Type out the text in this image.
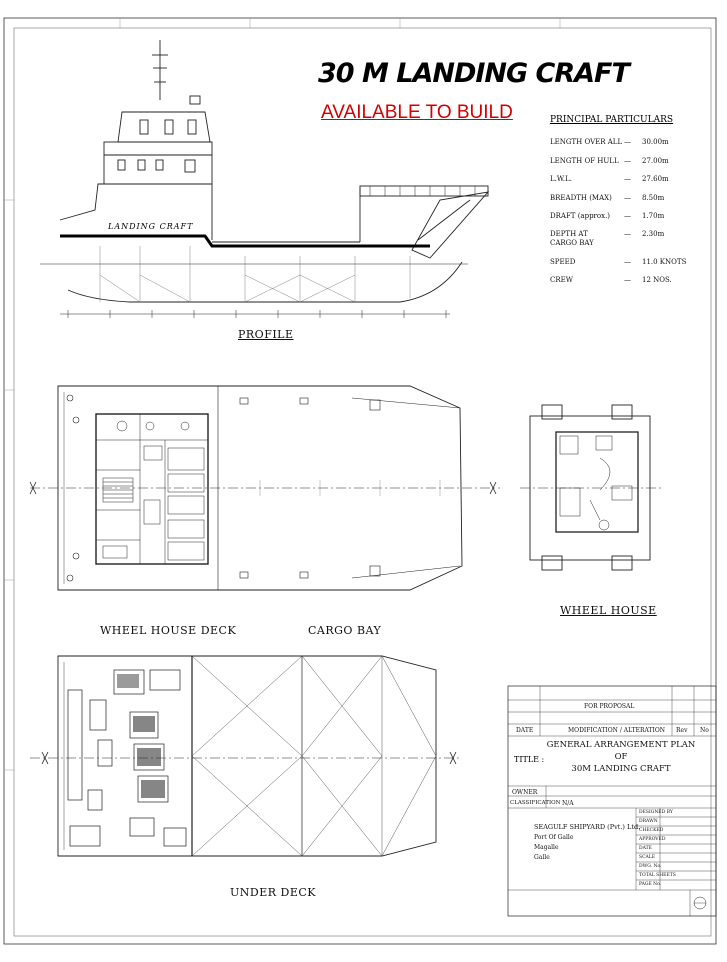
30 M LANDING CRAFT
AVAILABLE TO BUILD	PRINCIPAL PARTICULARS
LENGTH OVER ALL — 30.00m
LENGTH OF HULL — 27.00m
L.W.L.	— 27.60m
BREADTH (MAX) — 8.50m
DRAFT (approx.) — 1.70m
DEPTH AT CARGO BAY
— 2.30m
SPEED	— 11.0 KNOTS
CREW	— 12 NOS.
LANDING CRAFT
PROFILE
WHEEL HOUSE DECK	CARGO BAY
WHEEL HOUSE
UNDER DECK
FOR PROPOSAL
DATE	MODIFICATION / ALTERATION Rev No
TITLE :
GENERAL ARRANGEMENT PLAN
OF
30M LANDING CRAFT
OWNER
CLASSIFICATION N/A
SEAGULF SHIPYARD (Pvt.) Ltd.
Port Of Galle
Magalle
Galle
DESIGNED BY
DRAWN
CHECKED
APPROVED
DATE
SCALE
DWG. No.
TOTAL SHEETS
PAGE No.
